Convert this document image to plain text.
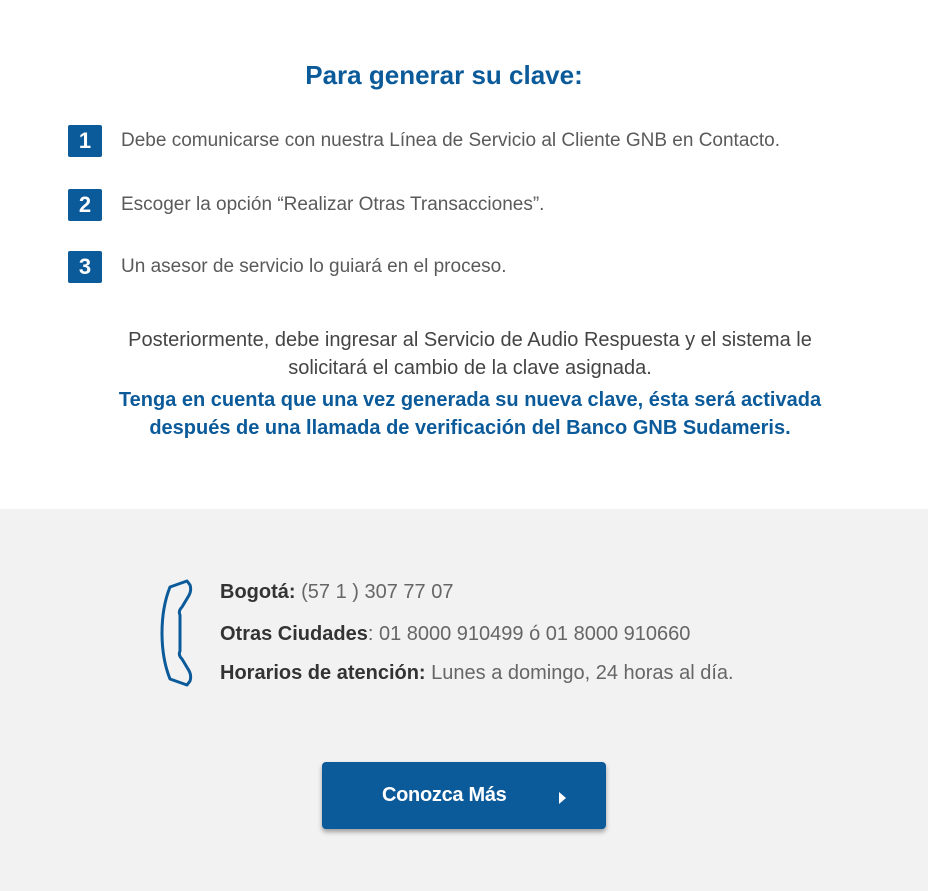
Para generar su clave:
1	Debe comunicarse con nuestra Línea de Servicio al Cliente GNB en Contacto.
2	Escoger la opción “Realizar Otras Transacciones”.
3	Un asesor de servicio lo guiará en el proceso.
Posteriormente, debe ingresar al Servicio de Audio Respuesta y el sistema le
solicitará el cambio de la clave asignada.
Tenga en cuenta que una vez generada su nueva clave, ésta será activada
después de una llamada de verificación del Banco GNB Sudameris.
Bogotá: (57 1 ) 307 77 07
Otras Ciudades: 01 8000 910499 ó 01 8000 910660
Horarios de atención: Lunes a domingo, 24 horas al día.
Conozca Más
